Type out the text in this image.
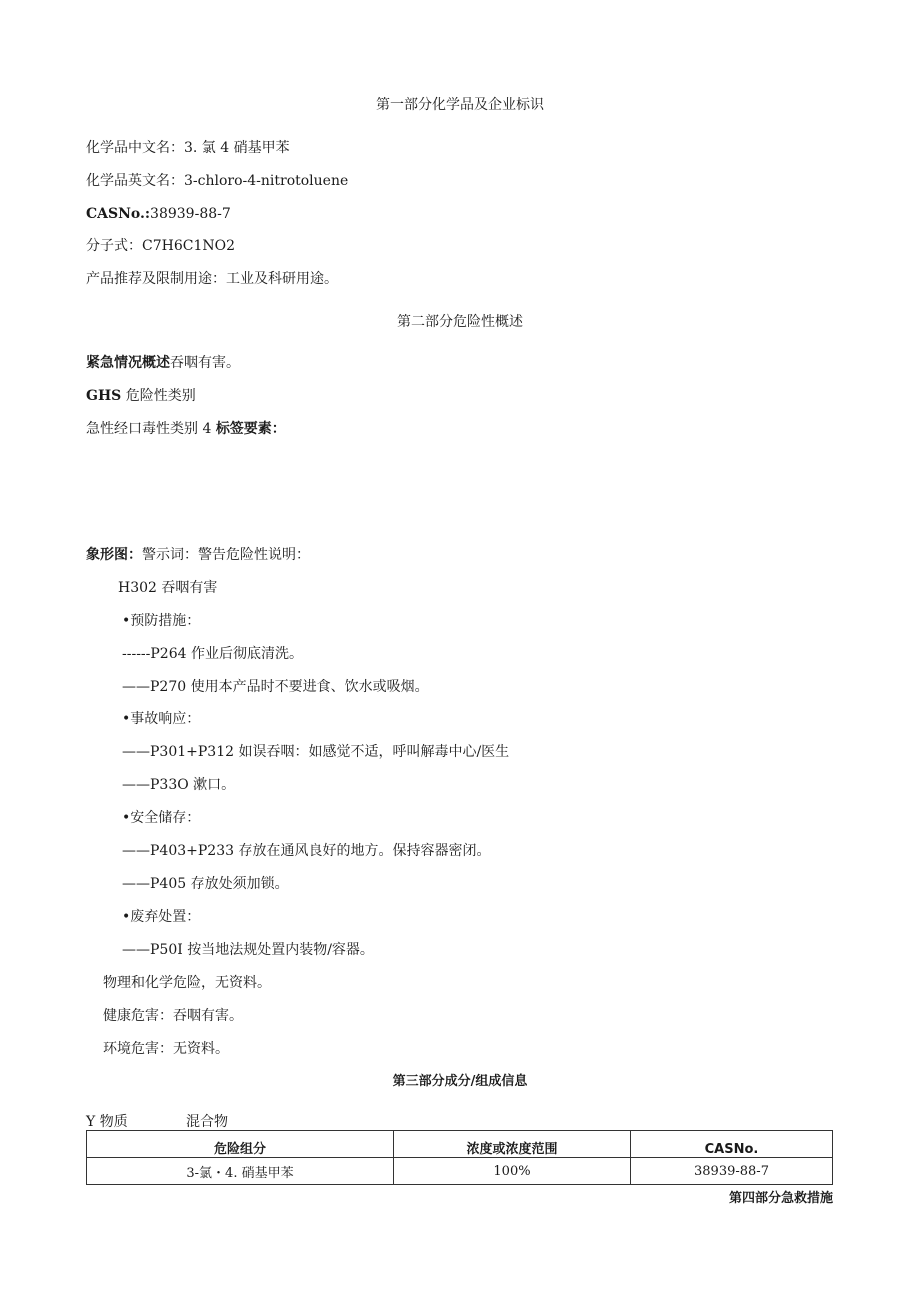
第一部分化学品及企业标识
化学品中文名：3. 氯 4 硝基甲苯
化学品英文名：3-chloro-4-nitrotoluene
CASNo.:38939-88-7
分子式：C7H6C1NO2
产品推荐及限制用途：工业及科研用途。
第二部分危险性概述
紧急情况概述吞咽有害。
GHS 危险性类别
急性经口毒性类别 4 标签要素：
象形图：警示词：警告危险性说明：
H302 吞咽有害
•预防措施：
------P264 作业后彻底清洗。
——P270 使用本产品时不要进食、饮水或吸烟。
•事故响应：
——P301+P312 如误吞咽：如感觉不适，呼叫解毒中心/医生
——P33O 漱口。
•安全储存：
——P403+P233 存放在通风良好的地方。保持容器密闭。
——P405 存放处须加锁。
•废弃处置：
——P50I 按当地法规处置内装物/容器。
物理和化学危险，无资料。
健康危害：吞咽有害。
环境危害：无资料。
第三部分成分/组成信息
Y 物质	混合物
危险组分	浓度或浓度范围	CASNo.
3-氯・4. 硝基甲苯	100%	38939-88-7
第四部分急救措施
